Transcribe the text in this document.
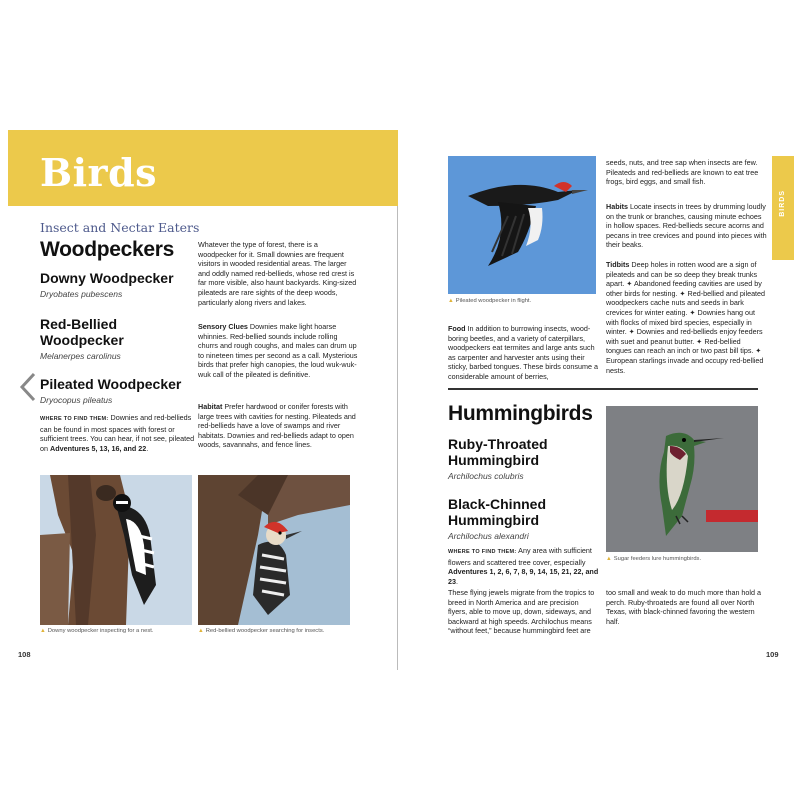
Birds
Insect and Nectar Eaters
Woodpeckers
Downy Woodpecker
Dryobates pubescens
Red-Bellied Woodpecker
Melanerpes carolinus
Pileated Woodpecker
Dryocopus pileatus
WHERE TO FIND THEM: Downies and red-bellieds can be found in most spaces with forest or sufficient trees. You can hear, if not see, pileated on Adventures 5, 13, 16, and 22.
Whatever the type of forest, there is a woodpecker for it. Small downies are frequent visitors in wooded residential areas. The larger and oddly named red-bellieds, whose red crest is far more visible, also haunt backyards. King-sized pileateds are rare sights of the deep woods, particularly along rivers and lakes.
Sensory Clues Downies make light hoarse whinnies. Red-bellied sounds include rolling churrs and rough coughs, and males can drum up to nineteen times per second as a call. Mysterious birds that prefer high canopies, the loud wuk-wuk-wuk call of the pileated is definitive.
Habitat Prefer hardwood or conifer forests with large trees with cavities for nesting. Pileateds and red-bellieds have a love of swamps and river habitats. Downies and red-bellieds adapt to open woods, savannahs, and fence lines.
▲ Downy woodpecker inspecting for a nest.	▲ Red-bellied woodpecker searching for insects.
108
▲ Pileated woodpecker in flight.
Food In addition to burrowing insects, wood-boring beetles, and a variety of caterpillars, woodpeckers eat termites and large ants such as carpenter and harvester ants using their sticky, barbed tongues. These birds consume a considerable amount of berries,
seeds, nuts, and tree sap when insects are few. Pileateds and red-bellieds are known to eat tree frogs, bird eggs, and small fish.
Habits Locate insects in trees by drumming loudly on the trunk or branches, causing minute echoes in hollow spaces. Red-bellieds secure acorns and pecans in tree crevices and pound into pieces with their beaks.
Tidbits Deep holes in rotten wood are a sign of pileateds and can be so deep they break trunks apart. ✦ Abandoned feeding cavities are used by other birds for nesting. ✦ Red-bellied and pileated woodpeckers cache nuts and seeds in bark crevices for winter eating. ✦ Downies hang out with flocks of mixed bird species, especially in winter. ✦ Downies and red-bellieds enjoy feeders with suet and peanut butter. ✦ Red-bellied tongues can reach an inch or two past bill tips. ✦ European starlings invade and occupy red-bellied nests.
BIRDS
Hummingbirds
Ruby-Throated Hummingbird
Archilochus colubris
Black-Chinned Hummingbird
Archilochus alexandri
WHERE TO FIND THEM: Any area with sufficient flowers and scattered tree cover, especially Adventures 1, 2, 6, 7, 8, 9, 14, 15, 21, 22, and 23.
▲ Sugar feeders lure hummingbirds.
These flying jewels migrate from the tropics to breed in North America and are precision flyers, able to move up, down, sideways, and backward at high speeds. Archilochus means “without feet,” because hummingbird feet are
too small and weak to do much more than hold a perch. Ruby-throateds are found all over North Texas, with black-chinned favoring the western half.
109
